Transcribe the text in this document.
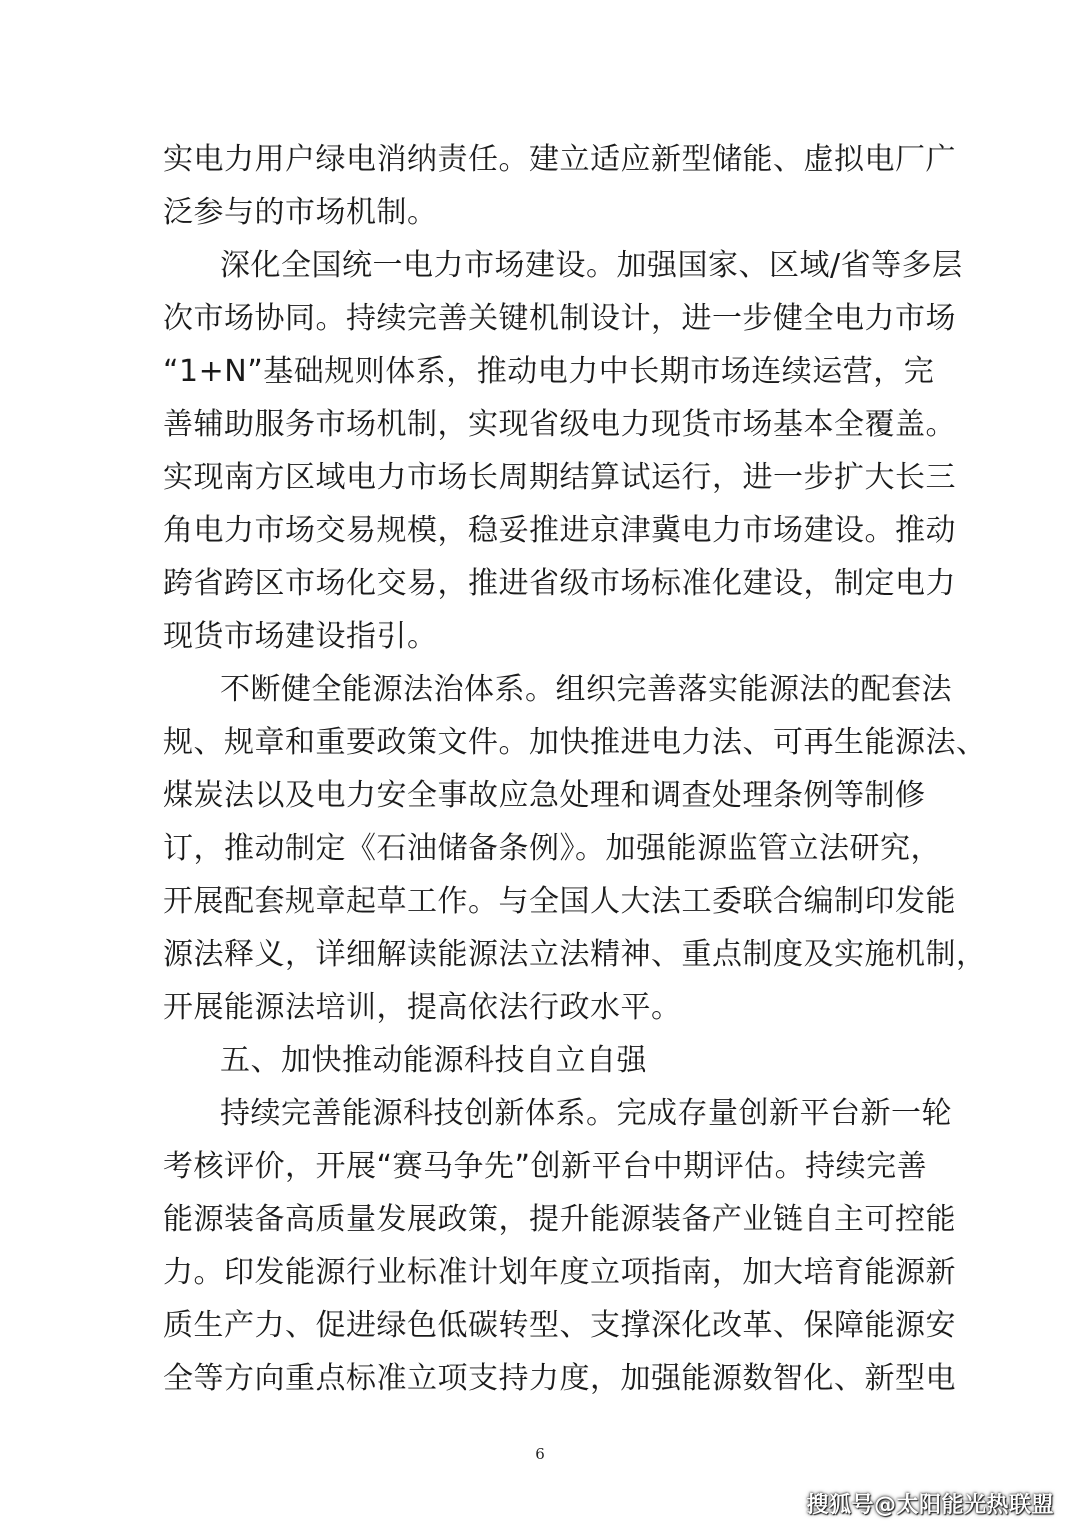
实电力用户绿电消纳责任。建立适应新型储能、虚拟电厂广
泛参与的市场机制。
深化全国统一电力市场建设。加强国家、区域/省等多层
次市场协同。持续完善关键机制设计，进一步健全电力市场
“1+N”基础规则体系，推动电力中长期市场连续运营，完
善辅助服务市场机制，实现省级电力现货市场基本全覆盖。
实现南方区域电力市场长周期结算试运行，进一步扩大长三
角电力市场交易规模，稳妥推进京津冀电力市场建设。推动
跨省跨区市场化交易，推进省级市场标准化建设，制定电力
现货市场建设指引。
不断健全能源法治体系。组织完善落实能源法的配套法
规、规章和重要政策文件。加快推进电力法、可再生能源法、
煤炭法以及电力安全事故应急处理和调查处理条例等制修
订，推动制定《石油储备条例》。加强能源监管立法研究，
开展配套规章起草工作。与全国人大法工委联合编制印发能
源法释义，详细解读能源法立法精神、重点制度及实施机制，
开展能源法培训，提高依法行政水平。
五、加快推动能源科技自立自强
持续完善能源科技创新体系。完成存量创新平台新一轮
考核评价，开展“赛马争先”创新平台中期评估。持续完善
能源装备高质量发展政策，提升能源装备产业链自主可控能
力。印发能源行业标准计划年度立项指南，加大培育能源新
质生产力、促进绿色低碳转型、支撑深化改革、保障能源安
全等方向重点标准立项支持力度，加强能源数智化、新型电
6
搜狐号@太阳能光热联盟
